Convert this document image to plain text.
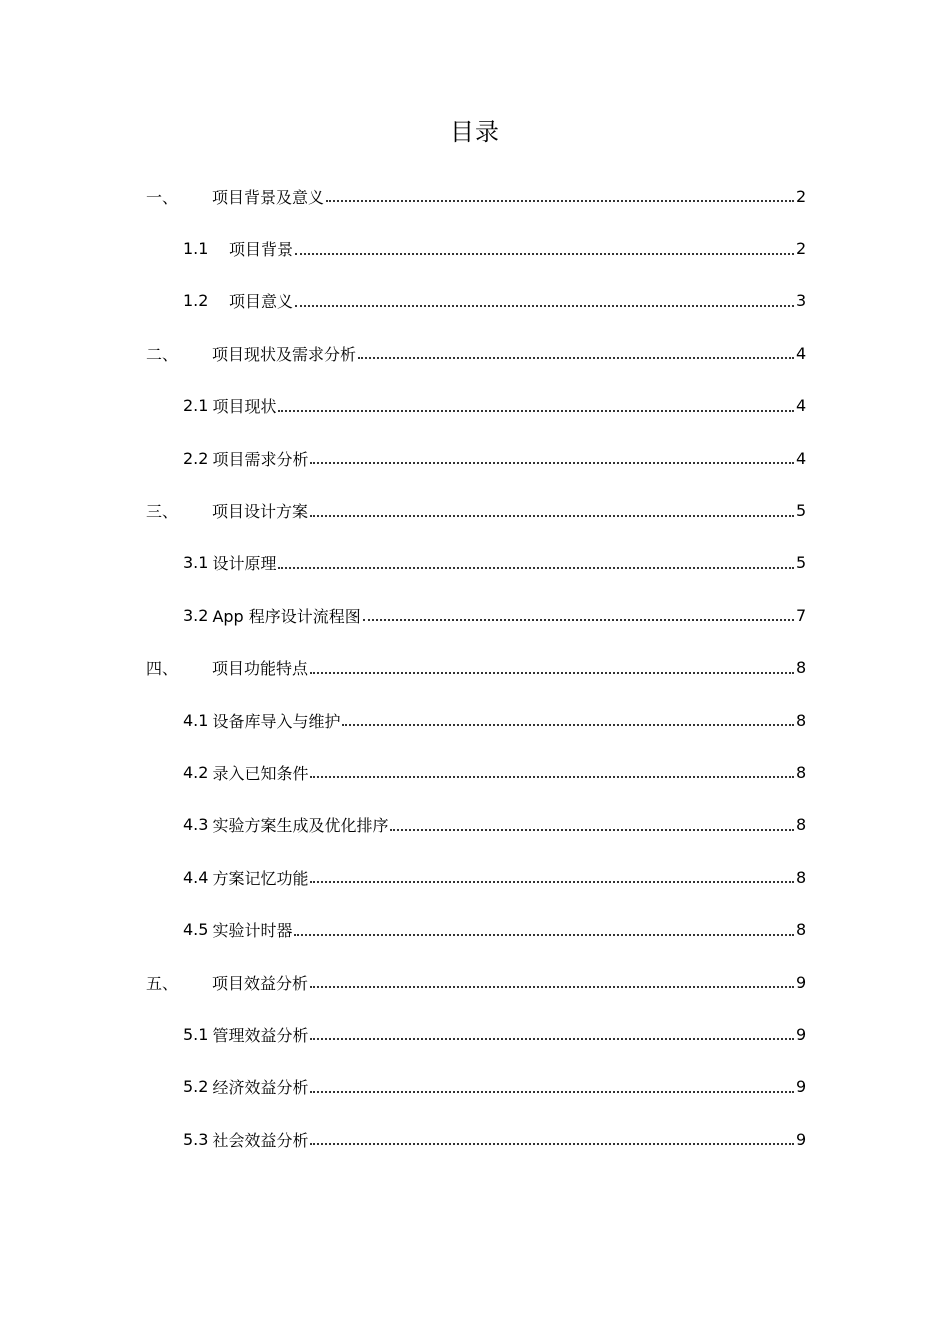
目录
一、	项目背景及意义	2
1.1	项目背景	2
1.2	项目意义	3
二、	项目现状及需求分析	4
2.1 项目现状	4
2.2 项目需求分析	4
三、	项目设计方案	5
3.1 设计原理	5
3.2 App 程序设计流程图	7
四、	项目功能特点	8
4.1 设备库导入与维护	8
4.2 录入已知条件	8
4.3 实验方案生成及优化排序	8
4.4 方案记忆功能	8
4.5 实验计时器	8
五、	项目效益分析	9
5.1 管理效益分析	9
5.2 经济效益分析	9
5.3 社会效益分析	9
